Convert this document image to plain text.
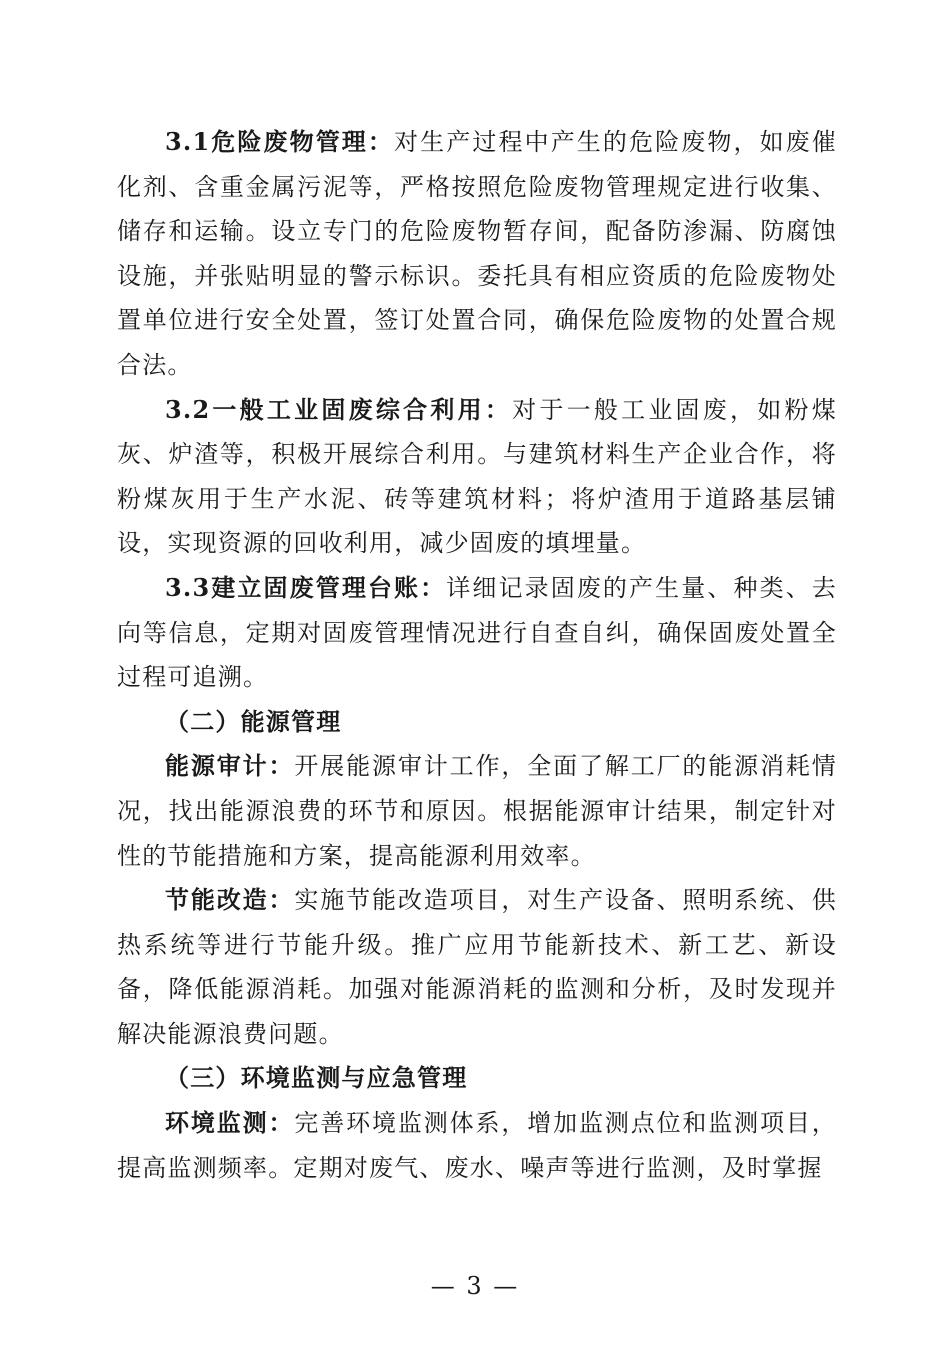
3.1危险废物管理：对生产过程中产生的危险废物，如废催化剂、含重金属污泥等，严格按照危险废物管理规定进行收集、储存和运输。设立专门的危险废物暂存间，配备防渗漏、防腐蚀设施，并张贴明显的警示标识。委托具有相应资质的危险废物处置单位进行安全处置，签订处置合同，确保危险废物的处置合规合法。

3.2一般工业固废综合利用：对于一般工业固废，如粉煤灰、炉渣等，积极开展综合利用。与建筑材料生产企业合作，将粉煤灰用于生产水泥、砖等建筑材料；将炉渣用于道路基层铺设，实现资源的回收利用，减少固废的填埋量。

3.3建立固废管理台账：详细记录固废的产生量、种类、去向等信息，定期对固废管理情况进行自查自纠，确保固废处置全过程可追溯。

（二）能源管理

能源审计：开展能源审计工作，全面了解工厂的能源消耗情况，找出能源浪费的环节和原因。根据能源审计结果，制定针对性的节能措施和方案，提高能源利用效率。

节能改造：实施节能改造项目，对生产设备、照明系统、供热系统等进行节能升级。推广应用节能新技术、新工艺、新设备，降低能源消耗。加强对能源消耗的监测和分析，及时发现并解决能源浪费问题。

（三）环境监测与应急管理

环境监测：完善环境监测体系，增加监测点位和监测项目，提高监测频率。定期对废气、废水、噪声等进行监测，及时掌握

— 3 —
